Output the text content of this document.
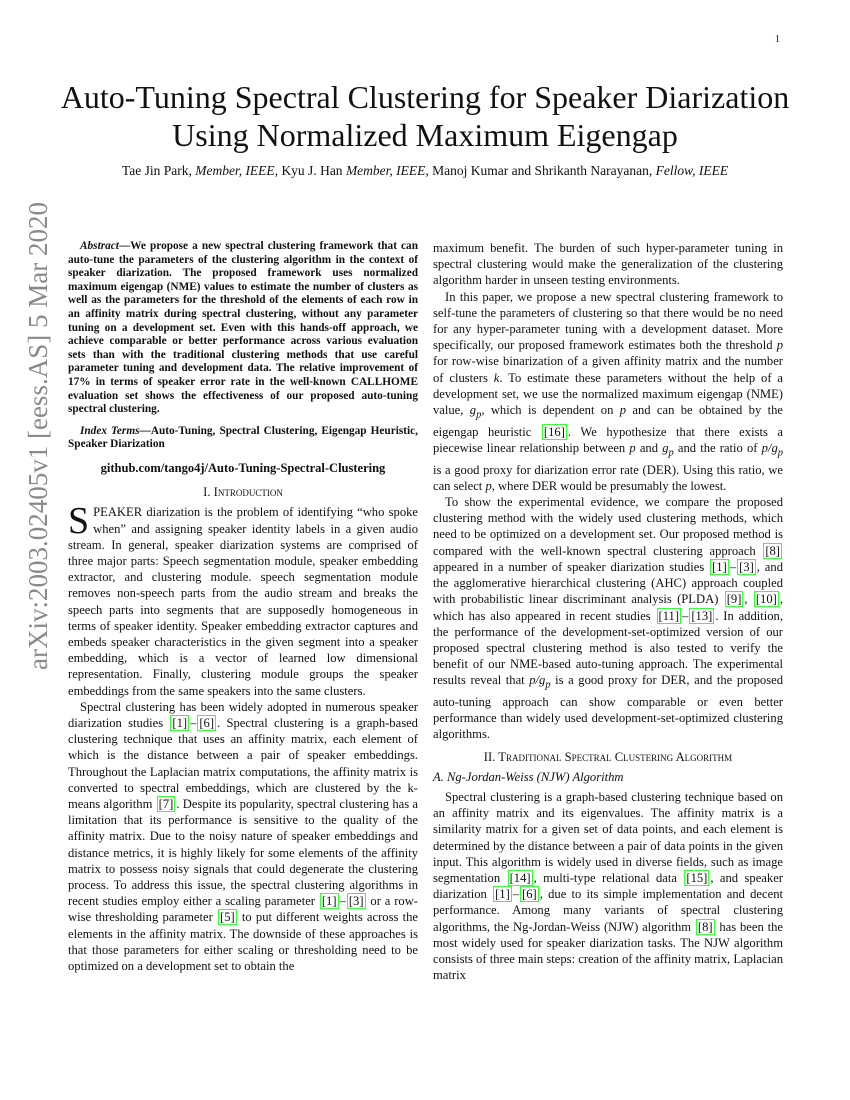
1
arXiv:2003.02405v1 [eess.AS] 5 Mar 2020
Auto-Tuning Spectral Clustering for Speaker Diarization Using Normalized Maximum Eigengap
Tae Jin Park, Member, IEEE, Kyu J. Han Member, IEEE, Manoj Kumar and Shrikanth Narayanan, Fellow, IEEE

Abstract—We propose a new spectral clustering framework that can auto-tune the parameters of the clustering algorithm in the context of speaker diarization. The proposed framework uses normalized maximum eigengap (NME) values to estimate the number of clusters as well as the parameters for the threshold of the elements of each row in an affinity matrix during spectral clustering, without any parameter tuning on a development set. Even with this hands-off approach, we achieve comparable or better performance across various evaluation sets than with the traditional clustering methods that use careful parameter tuning and development data. The relative improvement of 17% in terms of speaker error rate in the well-known CALLHOME evaluation set shows the effectiveness of our proposed auto-tuning spectral clustering.

Index Terms—Auto-Tuning, Spectral Clustering, Eigengap Heuristic, Speaker Diarization

github.com/tango4j/Auto-Tuning-Spectral-Clustering
I. Introduction

SPEAKER diarization is the problem of identifying “who spoke when” and assigning speaker identity labels in a given audio stream. In general, speaker diarization systems are comprised of three major parts: Speech segmentation module, speaker embedding extractor, and clustering module. speech segmentation module removes non-speech parts from the audio stream and breaks the speech parts into segments that are supposedly homogeneous in terms of speaker identity. Speaker embedding extractor captures and embeds speaker characteristics in the given segment into a speaker embedding, which is a vector of learned low dimensional representation. Finally, clustering module groups the speaker embeddings from the same speakers into the same clusters.

Spectral clustering has been widely adopted in numerous speaker diarization studies [1] – [6] . Spectral clustering is a graph-based clustering technique that uses an affinity matrix, each element of which is the distance between a pair of speaker embeddings. Throughout the Laplacian matrix computations, the affinity matrix is converted to spectral embeddings, which are clustered by the k-means algorithm [7] . Despite its popularity, spectral clustering has a limitation that its performance is sensitive to the quality of the affinity matrix. Due to the noisy nature of speaker embeddings and distance metrics, it is highly likely for some elements of the affinity matrix to possess noisy signals that could degenerate the clustering process. To address this issue, the spectral clustering algorithms in recent studies employ either a scaling parameter [1] – [3] or a row-wise thresholding parameter [5] to put different weights across the elements in the affinity matrix. The downside of these approaches is that those parameters for either scaling or thresholding need to be optimized on a development set to obtain the

maximum benefit. The burden of such hyper-parameter tuning in spectral clustering would make the generalization of the clustering algorithm harder in unseen testing environments.

In this paper, we propose a new spectral clustering framework to self-tune the parameters of clustering so that there would be no need for any hyper-parameter tuning with a development dataset. More specifically, our proposed framework estimates both the threshold p for row-wise binarization of a given affinity matrix and the number of clusters k. To estimate these parameters without the help of a development set, we use the normalized maximum eigengap (NME) value, $g_p$, which is dependent on p and can be obtained by the eigengap heuristic [16] . We hypothesize that there exists a piecewise linear relationship between p and $g_p$ and the ratio of $p/g_p$ is a good proxy for diarization error rate (DER). Using this ratio, we can select p, where DER would be presumably the lowest.

To show the experimental evidence, we compare the proposed clustering method with the widely used clustering methods, which need to be optimized on a development set. Our proposed method is compared with the well-known spectral clustering approach [8] appeared in a number of speaker diarization studies [1] – [3] , and the agglomerative hierarchical clustering (AHC) approach coupled with probabilistic linear discriminant analysis (PLDA) [9] , [10] , which has also appeared in recent studies [11] – [13] . In addition, the performance of the development-set-optimized version of our proposed spectral clustering method is also tested to verify the benefit of our NME-based auto-tuning approach. The experimental results reveal that $p/g_p$ is a good proxy for DER, and the proposed auto-tuning approach can show comparable or even better performance than widely used development-set-optimized clustering algorithms.

II. Traditional Spectral Clustering Algorithm
A. Ng-Jordan-Weiss (NJW) Algorithm

Spectral clustering is a graph-based clustering technique based on an affinity matrix and its eigenvalues. The affinity matrix is a similarity matrix for a given set of data points, and each element is determined by the distance between a pair of data points in the given input. This algorithm is widely used in diverse fields, such as image segmentation [14] , multi-type relational data [15] , and speaker diarization [1] – [6] , due to its simple implementation and decent performance. Among many variants of spectral clustering algorithms, the Ng-Jordan-Weiss (NJW) algorithm [8] has been the most widely used for speaker diarization tasks. The NJW algorithm consists of three main steps: creation of the affinity matrix, Laplacian matrix
